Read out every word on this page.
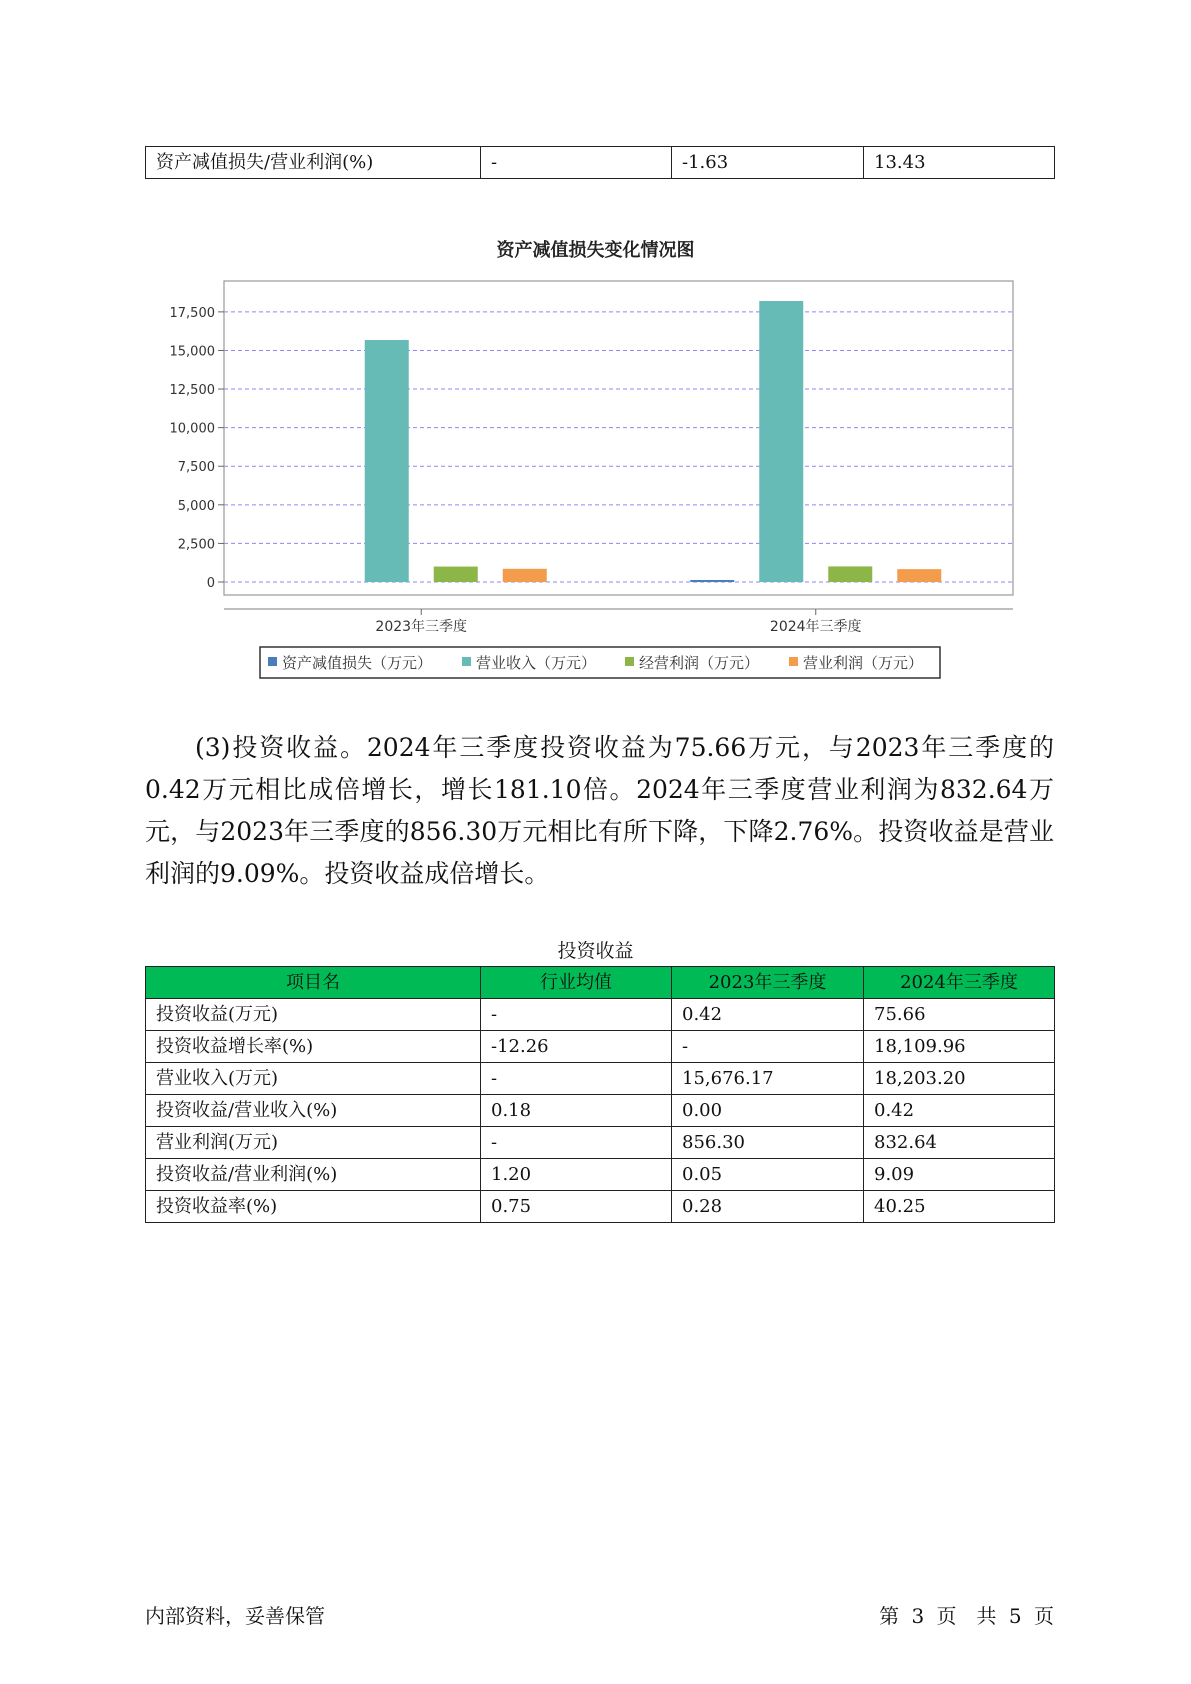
资产减值损失/营业利润(%)	-	-1.63	13.43
资产减值损失变化情况图
0
2,500
5,000
7,500
10,000
12,500
15,000
17,500
2023年三季度	2024年三季度
资产减值损失（万元）	营业收入（万元）	经营利润（万元）	营业利润（万元）

(3)投资收益。2024年三季度投资收益为75.66万元，与2023年三季度的0.42万元相比成倍增长，增长181.10倍。2024年三季度营业利润为832.64万元，与2023年三季度的856.30万元相比有所下降，下降2.76%。投资收益是营业利润的9.09%。投资收益成倍增长。

投资收益
项目名	行业均值	2023年三季度	2024年三季度
投资收益(万元)	-	0.42	75.66
投资收益增长率(%)	-12.26	-	18,109.96
营业收入(万元)	-	15,676.17	18,203.20
投资收益/营业收入(%)	0.18	0.00	0.42
营业利润(万元)	-	856.30	832.64
投资收益/营业利润(%)	1.20	0.05	9.09
投资收益率(%)	0.75	0.28	40.25
内部资料，妥善保管	第 3 页　共 5 页
